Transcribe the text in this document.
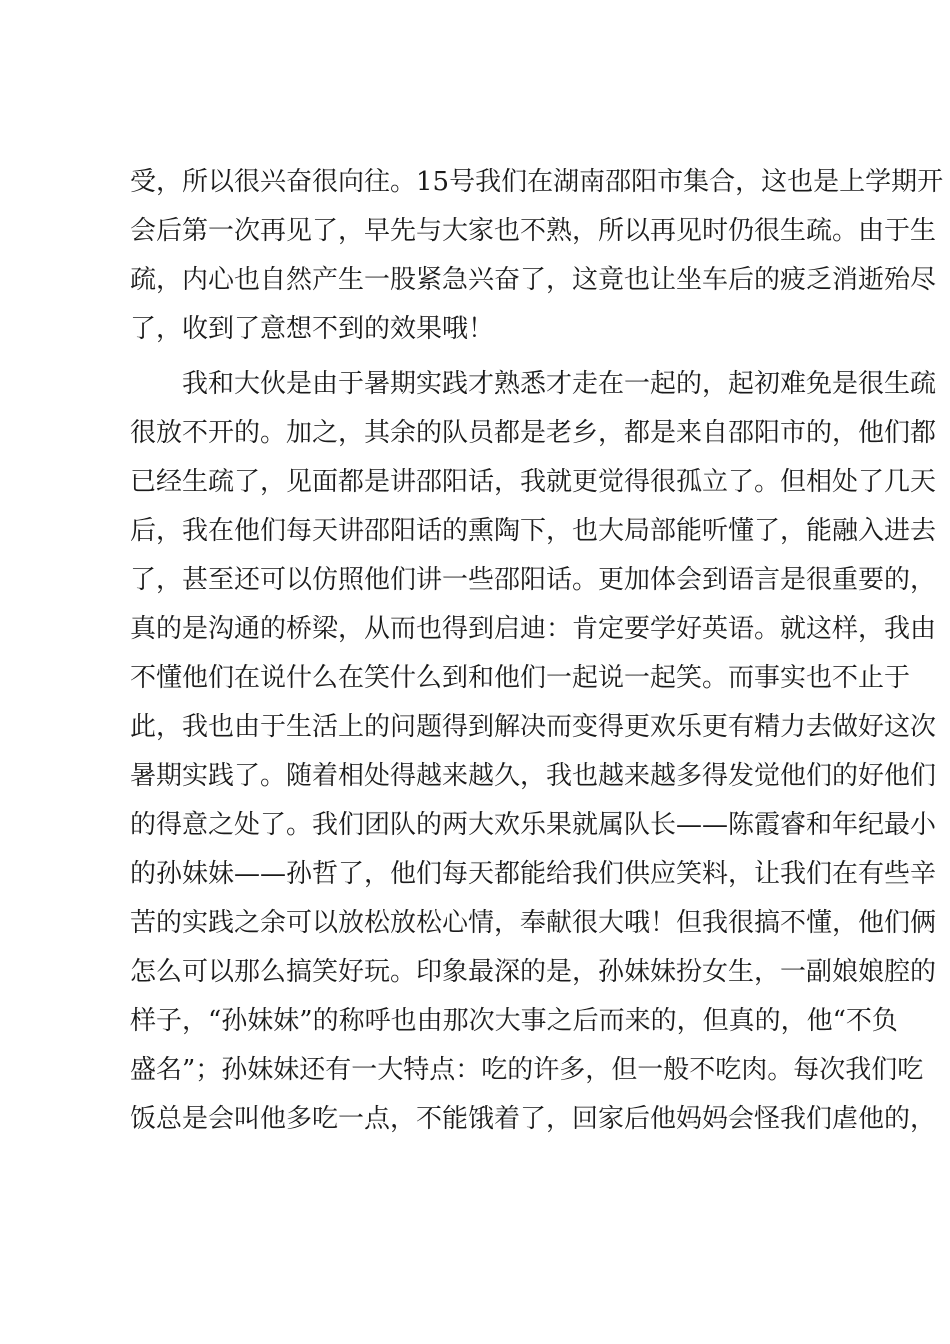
受，所以很兴奋很向往。15号我们在湖南邵阳市集合，这也是上学期开
会后第一次再见了，早先与大家也不熟，所以再见时仍很生疏。由于生
疏，内心也自然产生一股紧急兴奋了，这竟也让坐车后的疲乏消逝殆尽
了，收到了意想不到的效果哦！
我和大伙是由于暑期实践才熟悉才走在一起的，起初难免是很生疏
很放不开的。加之，其余的队员都是老乡，都是来自邵阳市的，他们都
已经生疏了，见面都是讲邵阳话，我就更觉得很孤立了。但相处了几天
后，我在他们每天讲邵阳话的熏陶下，也大局部能听懂了，能融入进去
了，甚至还可以仿照他们讲一些邵阳话。更加体会到语言是很重要的，
真的是沟通的桥梁，从而也得到启迪：肯定要学好英语。就这样，我由
不懂他们在说什么在笑什么到和他们一起说一起笑。而事实也不止于
此，我也由于生活上的问题得到解决而变得更欢乐更有精力去做好这次
暑期实践了。随着相处得越来越久，我也越来越多得发觉他们的好他们
的得意之处了。我们团队的两大欢乐果就属队长——陈霞睿和年纪最小
的孙妹妹——孙哲了，他们每天都能给我们供应笑料，让我们在有些辛
苦的实践之余可以放松放松心情，奉献很大哦！但我很搞不懂，他们俩
怎么可以那么搞笑好玩。印象最深的是，孙妹妹扮女生，一副娘娘腔的
样子，“孙妹妹”的称呼也由那次大事之后而来的，但真的，他“不负
盛名”；孙妹妹还有一大特点：吃的许多，但一般不吃肉。每次我们吃
饭总是会叫他多吃一点，不能饿着了，回家后他妈妈会怪我们虐他的，
